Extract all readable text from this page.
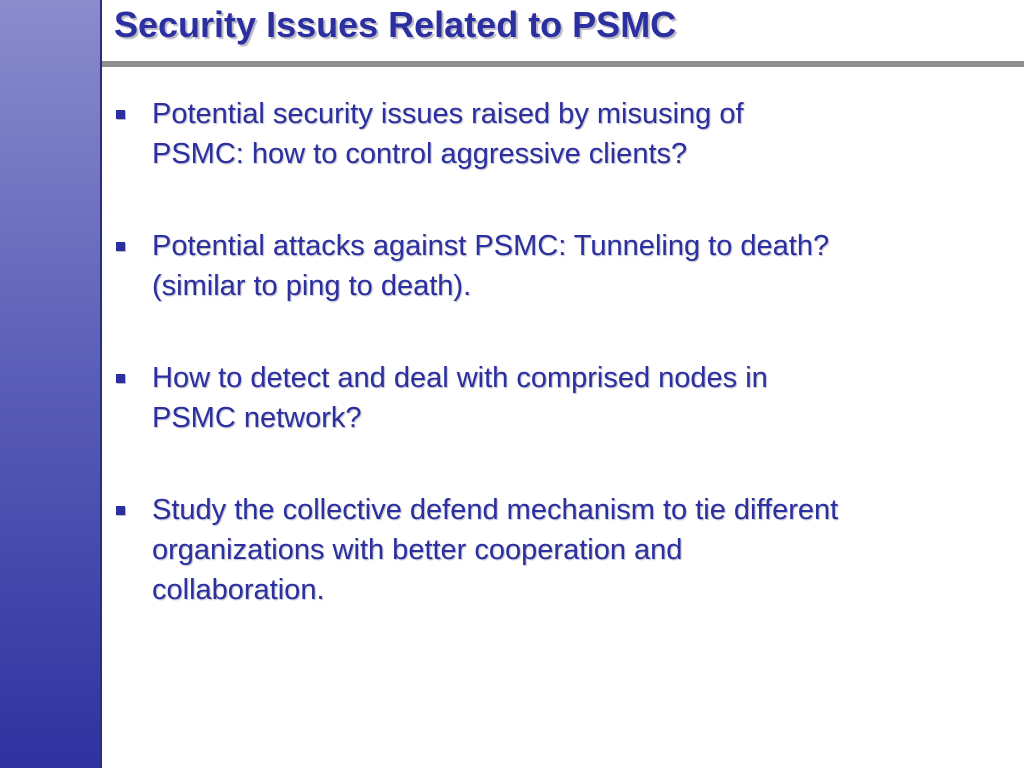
Security Issues Related to PSMC
Potential security issues raised by misusing of
PSMC: how to control aggressive clients?
Potential attacks against PSMC: Tunneling to death?
(similar to ping to death).
How to detect and deal with comprised nodes in
PSMC network?
Study the collective defend mechanism to tie different
organizations with better cooperation and
collaboration.
